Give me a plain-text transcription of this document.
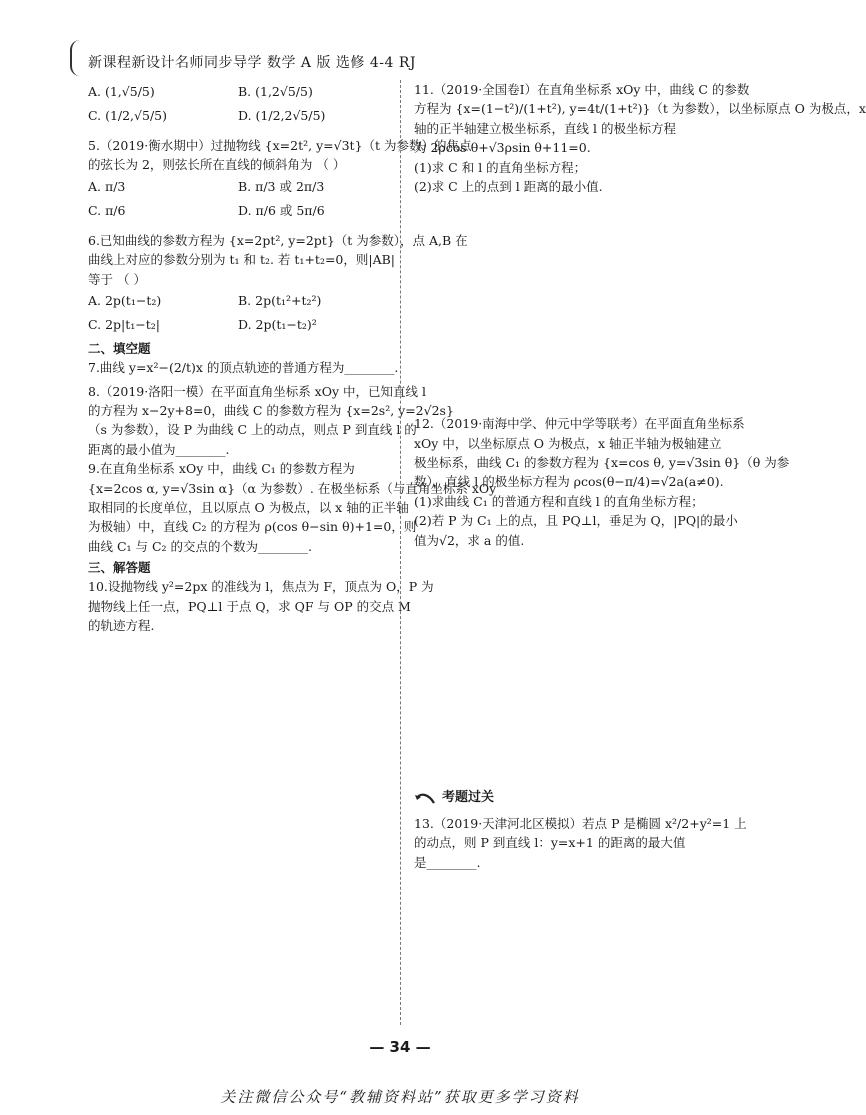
新课程新设计名师同步导学 数学 A 版 选修 4-4 RJ
A. (1,√5/5)	B. (1,2√5/5)
C. (1/2,√5/5)	D. (1/2,2√5/5)
5.（2019·衡水期中）过抛物线 {x=2t², y=√3t}（t 为参数）的焦点
的弦长为 2，则弦长所在直线的倾斜角为 （ ）
A. π/3	B. π/3 或 2π/3
C. π/6	D. π/6 或 5π/6
6.已知曲线的参数方程为 {x=2pt², y=2pt}（t 为参数），点 A,B 在
曲线上对应的参数分别为 t₁ 和 t₂. 若 t₁+t₂=0，则|AB|
等于 （ ）
A. 2p(t₁−t₂)	B. 2p(t₁²+t₂²)
C. 2p|t₁−t₂|	D. 2p(t₁−t₂)²
二、填空题
7.曲线 y=x²−(2/t)x 的顶点轨迹的普通方程为________.
8.（2019·洛阳一模）在平面直角坐标系 xOy 中，已知直线 l
的方程为 x−2y+8=0，曲线 C 的参数方程为 {x=2s², y=2√2s}
（s 为参数），设 P 为曲线 C 上的动点，则点 P 到直线 l 的
距离的最小值为________.
9.在直角坐标系 xOy 中，曲线 C₁ 的参数方程为
{x=2cos α, y=√3sin α}（α 为参数）. 在极坐标系（与直角坐标系 xOy
取相同的长度单位，且以原点 O 为极点，以 x 轴的正半轴
为极轴）中，直线 C₂ 的方程为 ρ(cos θ−sin θ)+1=0，则
曲线 C₁ 与 C₂ 的交点的个数为________.
三、解答题
10.设抛物线 y²=2px 的准线为 l，焦点为 F，顶点为 O，P 为
抛物线上任一点，PQ⊥l 于点 Q，求 QF 与 OP 的交点 M
的轨迹方程.
11.（2019·全国卷Ⅰ）在直角坐标系 xOy 中，曲线 C 的参数
方程为 {x=(1−t²)/(1+t²), y=4t/(1+t²)}（t 为参数），以坐标原点 O 为极点，x
轴的正半轴建立极坐标系，直线 l 的极坐标方程
为 2ρcos θ+√3ρsin θ+11=0.
(1)求 C 和 l 的直角坐标方程；
(2)求 C 上的点到 l 距离的最小值.
12.（2019·南海中学、仲元中学等联考）在平面直角坐标系
xOy 中，以坐标原点 O 为极点，x 轴正半轴为极轴建立
极坐标系，曲线 C₁ 的参数方程为 {x=cos θ, y=√3sin θ}（θ 为参
数），直线 l 的极坐标方程为 ρcos(θ−π/4)=√2a(a≠0).
(1)求曲线 C₁ 的普通方程和直线 l 的直角坐标方程；
(2)若 P 为 C₁ 上的点，且 PQ⊥l，垂足为 Q，|PQ|的最小
值为√2，求 a 的值.
考题过关
13.（2019·天津河北区模拟）若点 P 是椭圆 x²/2+y²=1 上
的动点，则 P 到直线 l：y=x+1 的距离的最大值
是________.
— 34 —
关注微信公众号“教辅资料站”获取更多学习资料
